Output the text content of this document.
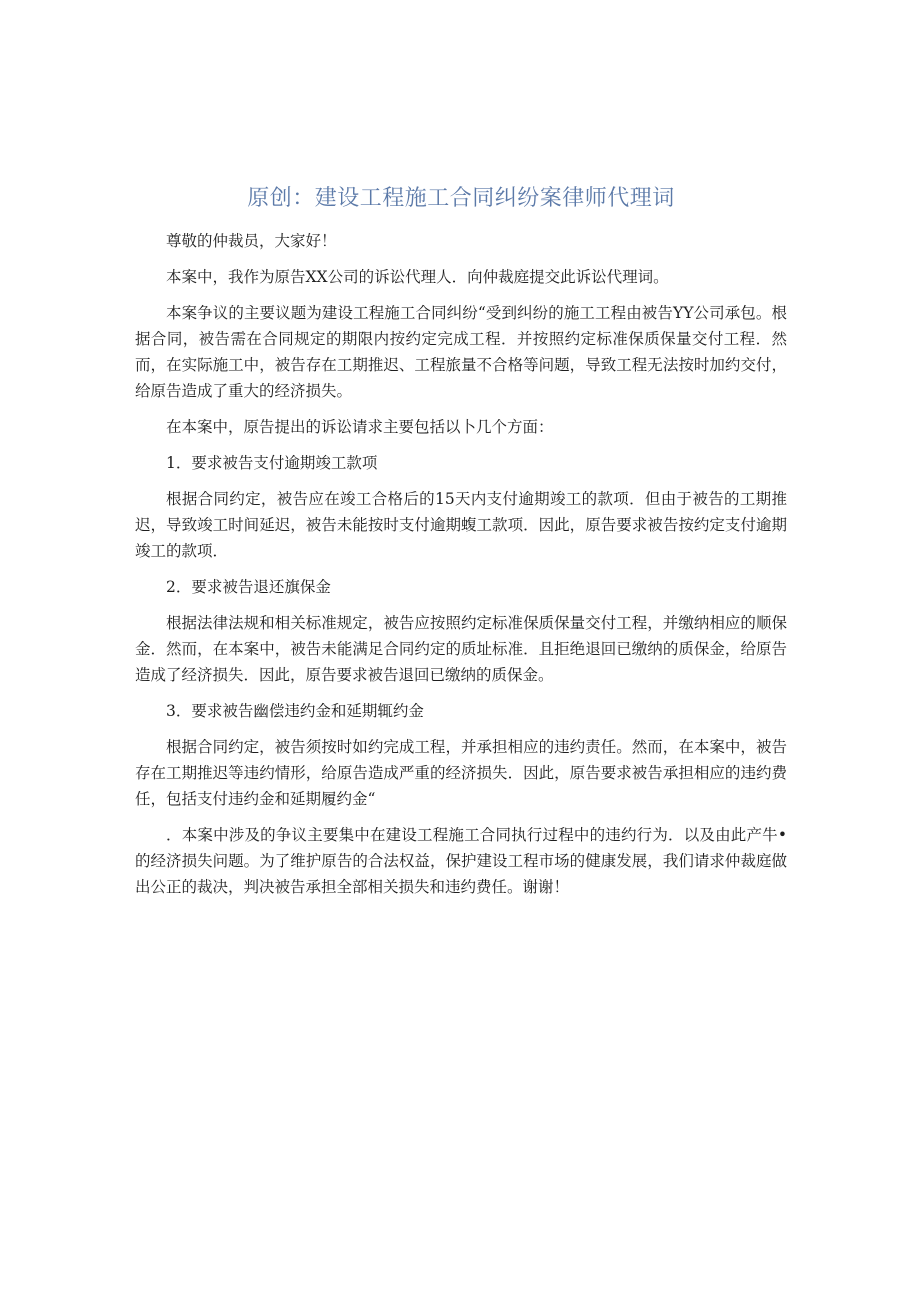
原创：建设工程施工合同纠纷案律师代理词

尊敬的仲裁员，大家好！

本案中，我作为原告XX公司的诉讼代理人．向仲裁庭提交此诉讼代理词。

本案争议的主要议题为建设工程施工合同纠纷“受到纠纷的施工工程由被告YY公司承包。根据合同，被告需在合同规定的期限内按约定完成工程．并按照约定标准保质保量交付工程．然而，在实际施工中，被告存在工期推迟、工程旅量不合格等问题，导致工程无法按时加约交付，给原告造成了重大的经济损失。

在本案中，原告提出的诉讼请求主要包括以卜几个方面：

1．要求被告支付逾期竣工款项

根据合同约定，被告应在竣工合格后的15天内支付逾期竣工的款项．但由于被告的工期推迟，导致竣工时间延迟，被告未能按时支付逾期蝮工款项．因此，原告要求被告按约定支付逾期竣工的款项．

2．要求被告退还旗保金

根据法律法规和相关标准规定，被告应按照约定标准保质保量交付工程，并缴纳相应的顺保金．然而，在本案中，被告未能满足合同约定的质址标准．且拒绝退回已缴纳的质保金，给原告造成了经济损失．因此，原告要求被告退回已缴纳的质保金。

3．要求被告幽偿违约金和延期辄约金

根据合同约定，被告须按时如约完成工程，并承担相应的违约责任。然而，在本案中，被告存在工期推迟等违约情形，给原告造成严重的经济损失．因此，原告要求被告承担相应的违约费任，包括支付违约金和延期履约金“

．本案中涉及的争议主要集中在建设工程施工合同执行过程中的违约行为．以及由此产牛•的经济损失问题。为了维护原告的合法权益，保护建设工程市场的健康发展，我们请求仲裁庭做出公正的裁决，判决被告承担全部相关损失和违约费任。谢谢！
